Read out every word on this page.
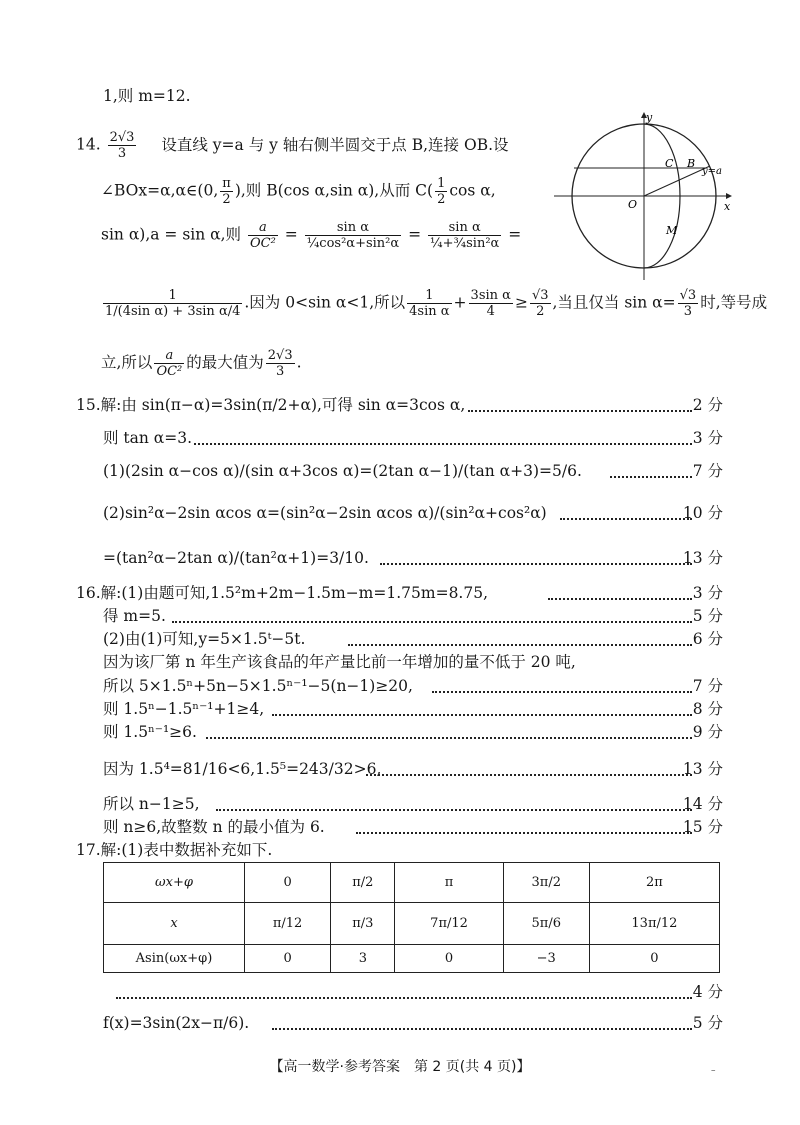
1,则 m=12.
14. $\frac{2√3}{3}$ 设直线 y=a 与 y 轴右侧半圆交于点 B,连接 OB.设
∠BOx=α,α∈(0, $\frac{\pi}{2}$ ),则 B(cos α,sin α),从而 $C( \frac{1}{2}$ cos α,
sin α),a = sin α,则 $\frac{a}{\text{OC²}} = \frac{\text{sin α}}{\text{¼cos²α+sin²α}} = \frac{\text{sin α}}{\text{¼+¾sin²α}}$ =
$\frac{1}{\text{1/(4sin α) + 3sin α/4}}$ .因为 0<sin α<1,所以 $\frac{1}{\text{4sin α}} + \frac{\text{3sin α}}{4} \ge \frac{√3}{2}$ ,当且仅当 $\sin \alpha= \frac{√3}{3}$ 时,等号成
立,所以 $\frac{a}{\text{OC²}}$ 的最大值为 $\frac{2√3}{3}$ .
y
x
O
B
C
M
y=a
15.解:由 sin(π−α)=3sin(π/2+α),可得 sin α=3cos α,	2 分
则 tan α=3.	3 分
(1)(2sin α−cos α)/(sin α+3cos α)=(2tan α−1)/(tan α+3)=5/6.	7 分
(2)sin²α−2sin αcos α=(sin²α−2sin αcos α)/(sin²α+cos²α)	10 分
=(tan²α−2tan α)/(tan²α+1)=3/10.	13 分
16.解:(1)由题可知,1.5²m+2m−1.5m−m=1.75m=8.75,	3 分
得 m=5.	5 分
(2)由(1)可知,y=5×1.5ᵗ−5t.	6 分
因为该厂第 n 年生产该食品的年产量比前一年增加的量不低于 20 吨,
所以 5×1.5ⁿ+5n−5×1.5ⁿ⁻¹−5(n−1)≥20,	7 分
则 1.5ⁿ−1.5ⁿ⁻¹+1≥4,	8 分
则 1.5ⁿ⁻¹≥6.	9 分
因为 1.5⁴=81/16<6,1.5⁵=243/32>6,	13 分
所以 n−1≥5,	14 分
则 n≥6,故整数 n 的最小值为 6.	15 分
17.解:(1)表中数据补充如下.
ωx+φ	0	π/2	π	3π/2	2π
x	π/12	π/3	7π/12	5π/6	13π/12
Asin(ωx+φ)	0	3	0	−3	0
4 分
f(x)=3sin(2x−π/6).	5 分
【高一数学·参考答案　第 2 页(共 4 页)】	–
